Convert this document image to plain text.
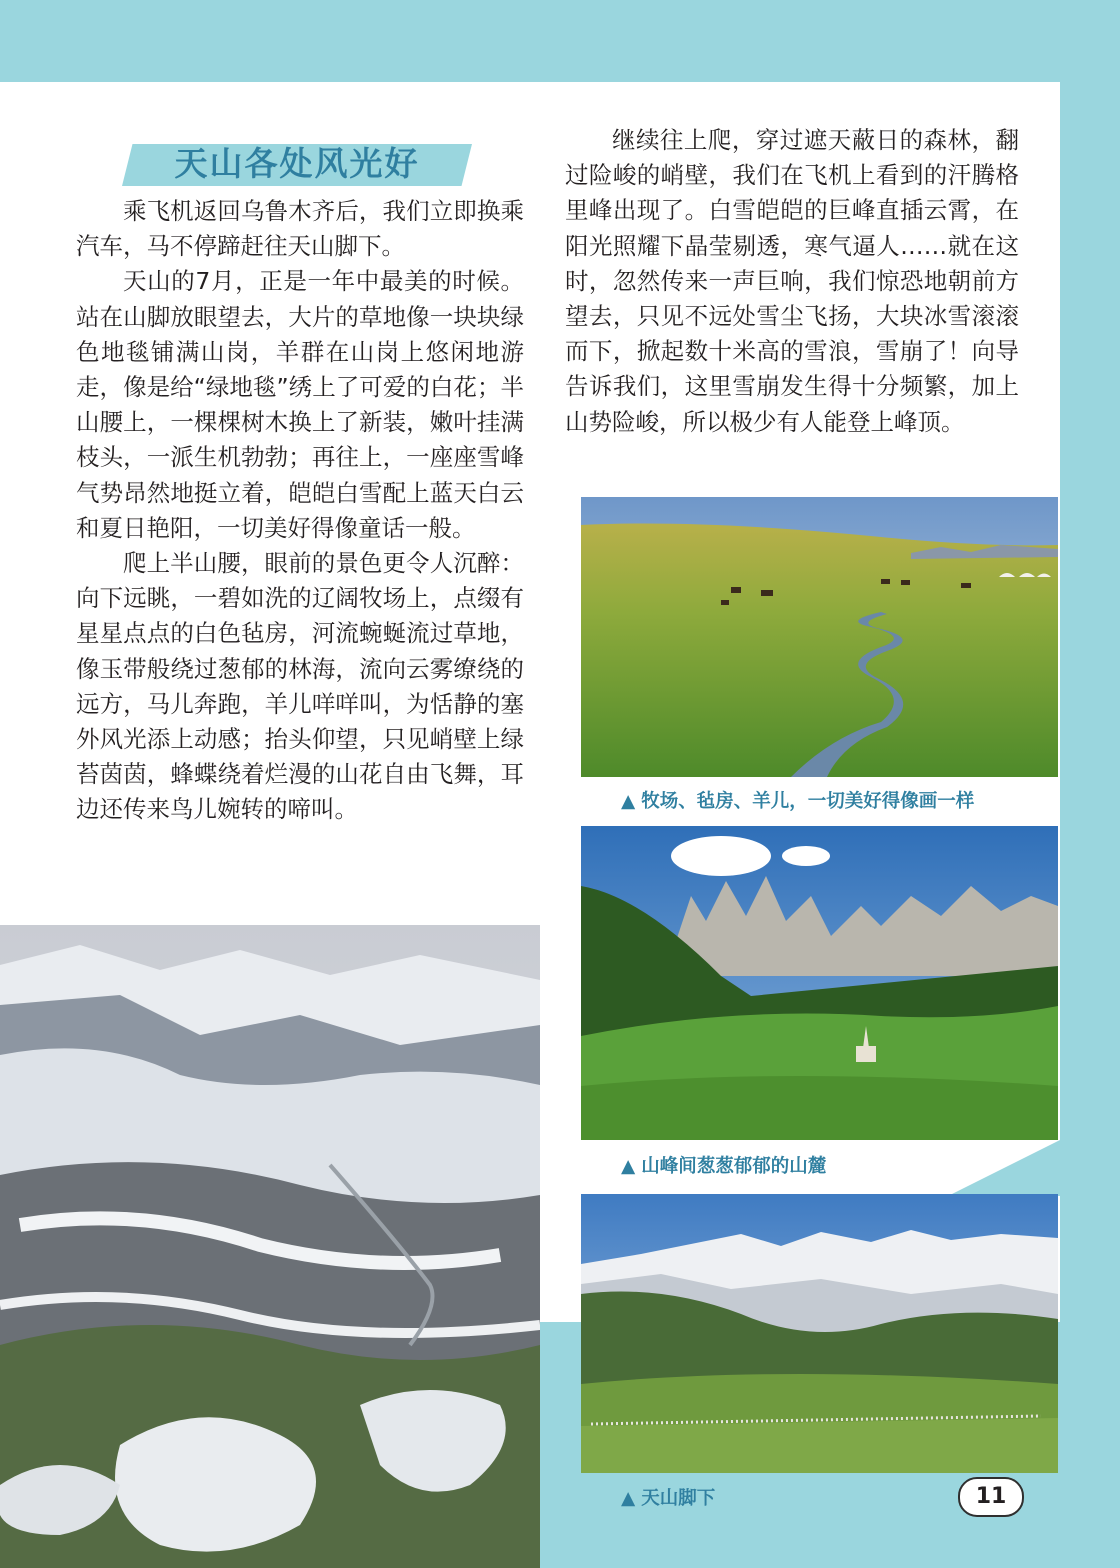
天山各处风光好

乘飞机返回乌鲁木齐后，我们立即换乘汽车，马不停蹄赶往天山脚下。

天山的7月，正是一年中最美的时候。站在山脚放眼望去，大片的草地像一块块绿色地毯铺满山岗，羊群在山岗上悠闲地游走，像是给“绿地毯”绣上了可爱的白花；半山腰上，一棵棵树木换上了新装，嫩叶挂满枝头，一派生机勃勃；再往上，一座座雪峰气势昂然地挺立着，皑皑白雪配上蓝天白云和夏日艳阳，一切美好得像童话一般。

爬上半山腰，眼前的景色更令人沉醉：向下远眺，一碧如洗的辽阔牧场上，点缀有星星点点的白色毡房，河流蜿蜒流过草地，像玉带般绕过葱郁的林海，流向云雾缭绕的远方，马儿奔跑，羊儿咩咩叫，为恬静的塞外风光添上动感；抬头仰望，只见峭壁上绿苔茵茵，蜂蝶绕着烂漫的山花自由飞舞，耳边还传来鸟儿婉转的啼叫。

继续往上爬，穿过遮天蔽日的森林，翻过险峻的峭壁，我们在飞机上看到的汗腾格里峰出现了。白雪皑皑的巨峰直插云霄，在阳光照耀下晶莹剔透，寒气逼人……就在这时，忽然传来一声巨响，我们惊恐地朝前方望去，只见不远处雪尘飞扬，大块冰雪滚滚而下，掀起数十米高的雪浪，雪崩了！向导告诉我们，这里雪崩发生得十分频繁，加上山势险峻，所以极少有人能登上峰顶。

▲ 牧场、毡房、羊儿，一切美好得像画一样
▲ 山峰间葱葱郁郁的山麓
▲ 天山脚下	11
